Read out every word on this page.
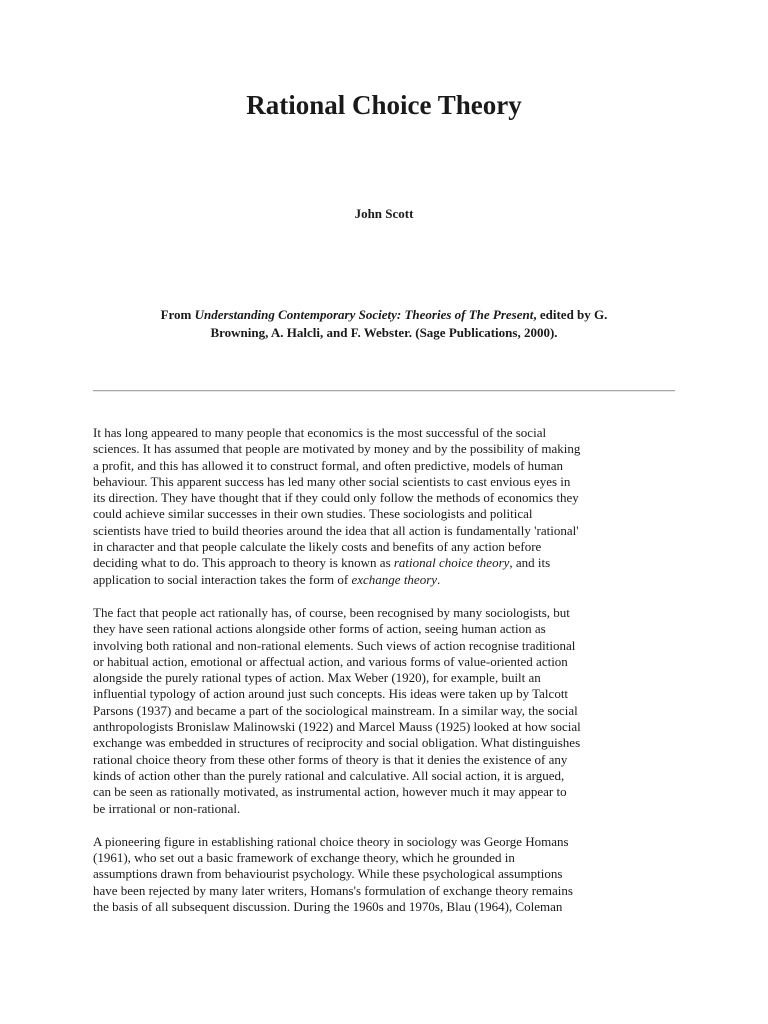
Rational Choice Theory

John Scott

From Understanding Contemporary Society: Theories of The Present, edited by G.
Browning, A. Halcli, and F. Webster. (Sage Publications, 2000).

It has long appeared to many people that economics is the most successful of the social
sciences. It has assumed that people are motivated by money and by the possibility of making
a profit, and this has allowed it to construct formal, and often predictive, models of human
behaviour. This apparent success has led many other social scientists to cast envious eyes in
its direction. They have thought that if they could only follow the methods of economics they
could achieve similar successes in their own studies. These sociologists and political
scientists have tried to build theories around the idea that all action is fundamentally 'rational'
in character and that people calculate the likely costs and benefits of any action before
deciding what to do. This approach to theory is known as rational choice theory, and its
application to social interaction takes the form of exchange theory.

The fact that people act rationally has, of course, been recognised by many sociologists, but
they have seen rational actions alongside other forms of action, seeing human action as
involving both rational and non-rational elements. Such views of action recognise traditional
or habitual action, emotional or affectual action, and various forms of value-oriented action
alongside the purely rational types of action. Max Weber (1920), for example, built an
influential typology of action around just such concepts. His ideas were taken up by Talcott
Parsons (1937) and became a part of the sociological mainstream. In a similar way, the social
anthropologists Bronislaw Malinowski (1922) and Marcel Mauss (1925) looked at how social
exchange was embedded in structures of reciprocity and social obligation. What distinguishes
rational choice theory from these other forms of theory is that it denies the existence of any
kinds of action other than the purely rational and calculative. All social action, it is argued,
can be seen as rationally motivated, as instrumental action, however much it may appear to
be irrational or non-rational.

A pioneering figure in establishing rational choice theory in sociology was George Homans
(1961), who set out a basic framework of exchange theory, which he grounded in
assumptions drawn from behaviourist psychology. While these psychological assumptions
have been rejected by many later writers, Homans's formulation of exchange theory remains
the basis of all subsequent discussion. During the 1960s and 1970s, Blau (1964), Coleman
